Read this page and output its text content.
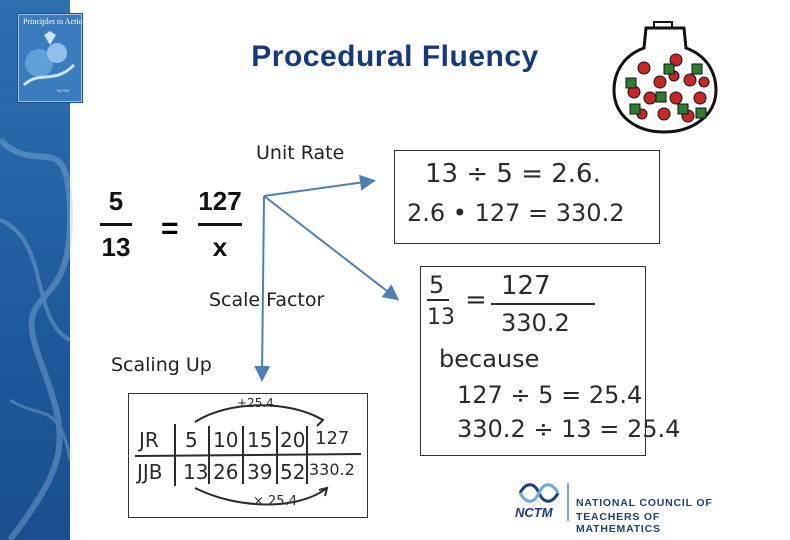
Principles to Actions
NCTM
Procedural Fluency
Unit Rate
Scale Factor
Scaling Up
5
13
=
127
x
13 ÷ 5 = 2.6.
2.6 • 127 = 330.2
5
13
= 127
330.2
because
127 ÷ 5 = 25.4
330.2 ÷ 13 = 25.4
+25.4
× 25.4
JR 5 10 15 20 127
JJB 13 26 39 52 330.2
NCTM
NATIONAL COUNCIL OF
TEACHERS OF MATHEMATICS
